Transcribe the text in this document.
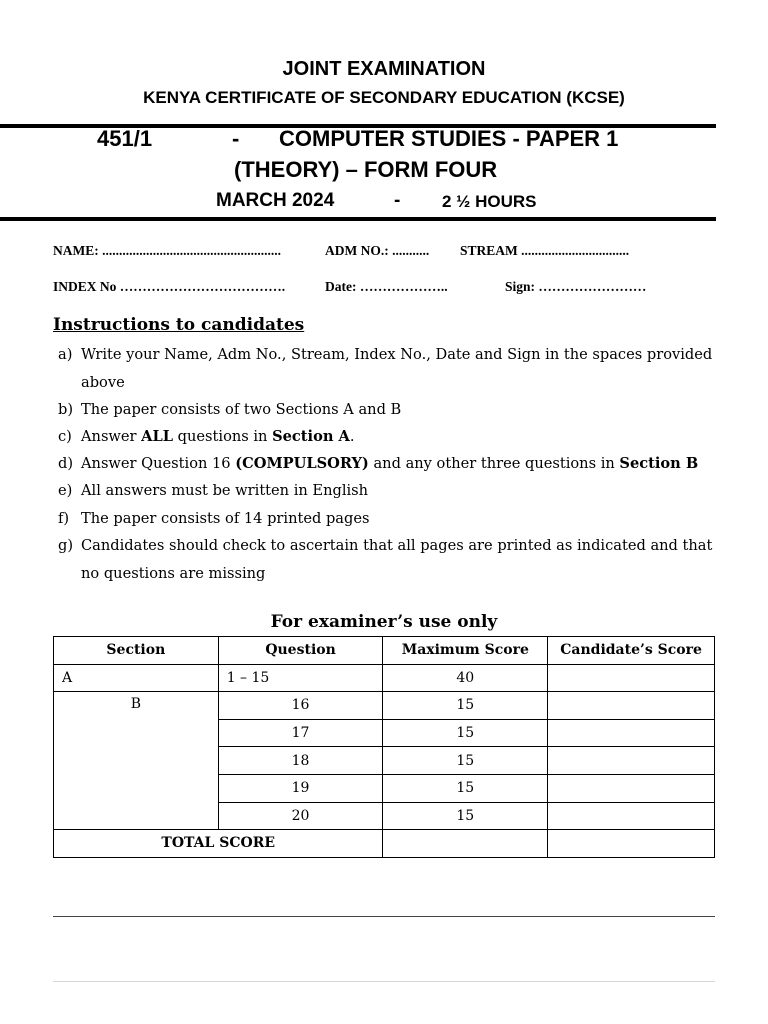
JOINT EXAMINATION
KENYA CERTIFICATE OF SECONDARY EDUCATION (KCSE)
451/1	- COMPUTER STUDIES - PAPER 1
(THEORY) – FORM FOUR
MARCH 2024	- 2 ½ HOURS
NAME: .....................................................	ADM NO.: ........... STREAM ................................
INDEX No ……………………………….	Date: ………………..	Sign: ……………………
Instructions to candidates
a) Write your Name, Adm No., Stream, Index No., Date and Sign in the spaces provided above
b) The paper consists of two Sections A and B
c) Answer ALL questions in Section A.
d) Answer Question 16 (COMPULSORY) and any other three questions in Section B
e) All answers must be written in English
f) The paper consists of 14 printed pages
g) Candidates should check to ascertain that all pages are printed as indicated and that no questions are missing
For examiner’s use only
Section	Question	Maximum Score	Candidate’s Score
A	1 – 15	40	
B	16	15	
	17	15	
	18	15	
	19	15	
	20	15	
TOTAL SCORE			
